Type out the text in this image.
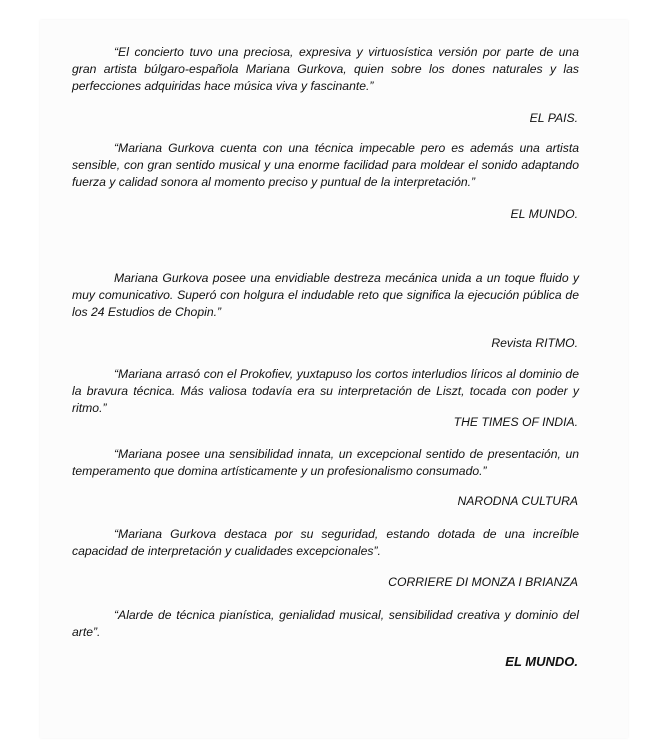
“El concierto tuvo una preciosa, expresiva y virtuosística versión por parte de una gran artista búlgaro-española Mariana Gurkova, quien sobre los dones naturales y las perfecciones adquiridas hace música viva y fascinante.”

EL PAIS.

“Mariana Gurkova cuenta con una técnica impecable pero es además una artista sensible, con gran sentido musical y una enorme facilidad para moldear el sonido adaptando fuerza y calidad sonora al momento preciso y puntual de la interpretación.”

EL MUNDO.

Mariana Gurkova posee una envidiable destreza mecánica unida a un toque fluido y muy comunicativo. Superó con holgura el indudable reto que significa la ejecución pública de los 24 Estudios de Chopin.”

Revista RITMO.

“Mariana arrasó con el Prokofiev, yuxtapuso los cortos interludios líricos al dominio de la bravura técnica. Más valiosa todavía era su interpretación de Liszt, tocada con poder y ritmo.”

THE TIMES OF INDIA.

“Mariana posee una sensibilidad innata, un excepcional sentido de presentación, un temperamento que domina artísticamente y un profesionalismo consumado.”

NARODNA CULTURA

“Mariana Gurkova destaca por su seguridad, estando dotada de una increíble capacidad de interpretación y cualidades excepcionales”.

CORRIERE DI MONZA I BRIANZA

“Alarde de técnica pianística, genialidad musical, sensibilidad creativa y dominio del arte”.

EL MUNDO.
